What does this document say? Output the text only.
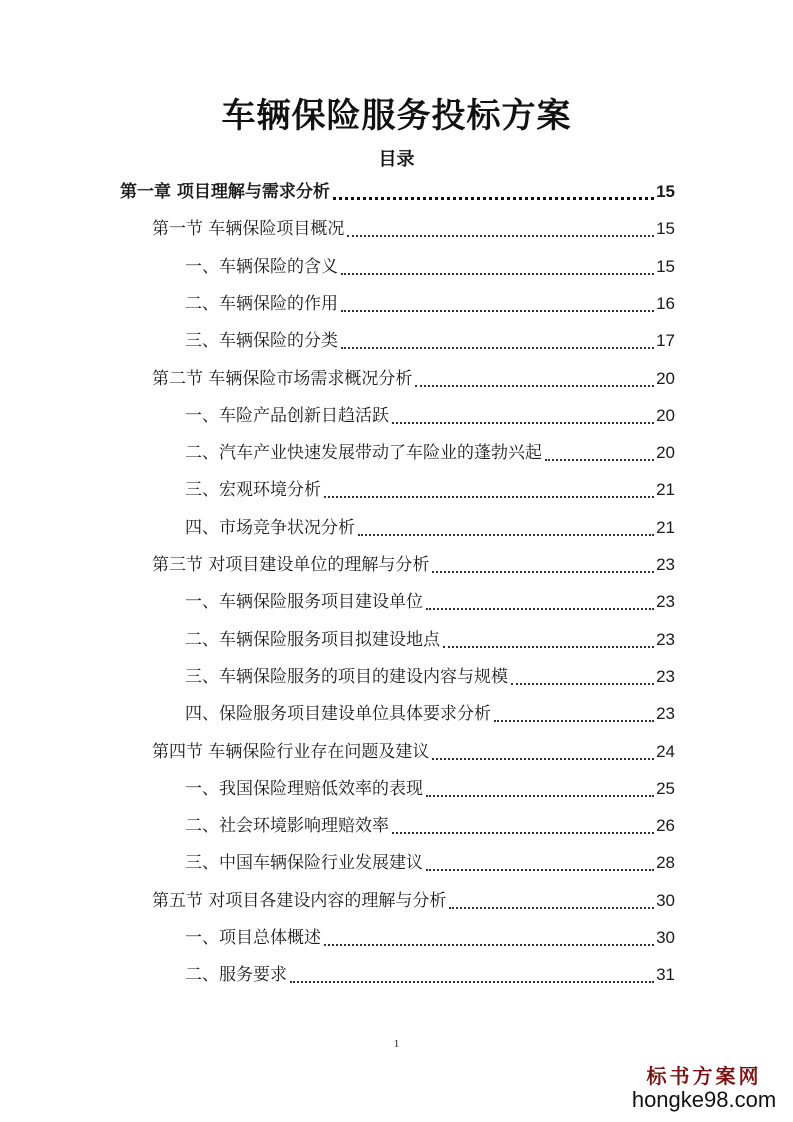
车辆保险服务投标方案
目录
第一章 项目理解与需求分析	15
第一节 车辆保险项目概况	15
一、车辆保险的含义	15
二、车辆保险的作用	16
三、车辆保险的分类	17
第二节 车辆保险市场需求概况分析	20
一、车险产品创新日趋活跃	20
二、汽车产业快速发展带动了车险业的蓬勃兴起	20
三、宏观环境分析	21
四、市场竞争状况分析	21
第三节 对项目建设单位的理解与分析	23
一、车辆保险服务项目建设单位	23
二、车辆保险服务项目拟建设地点	23
三、车辆保险服务的项目的建设内容与规模	23
四、保险服务项目建设单位具体要求分析	23
第四节 车辆保险行业存在问题及建议	24
一、我国保险理赔低效率的表现	25
二、社会环境影响理赔效率	26
三、中国车辆保险行业发展建议	28
第五节 对项目各建设内容的理解与分析	30
一、项目总体概述	30
二、服务要求	31
1
标书方案网
hongke98.com
